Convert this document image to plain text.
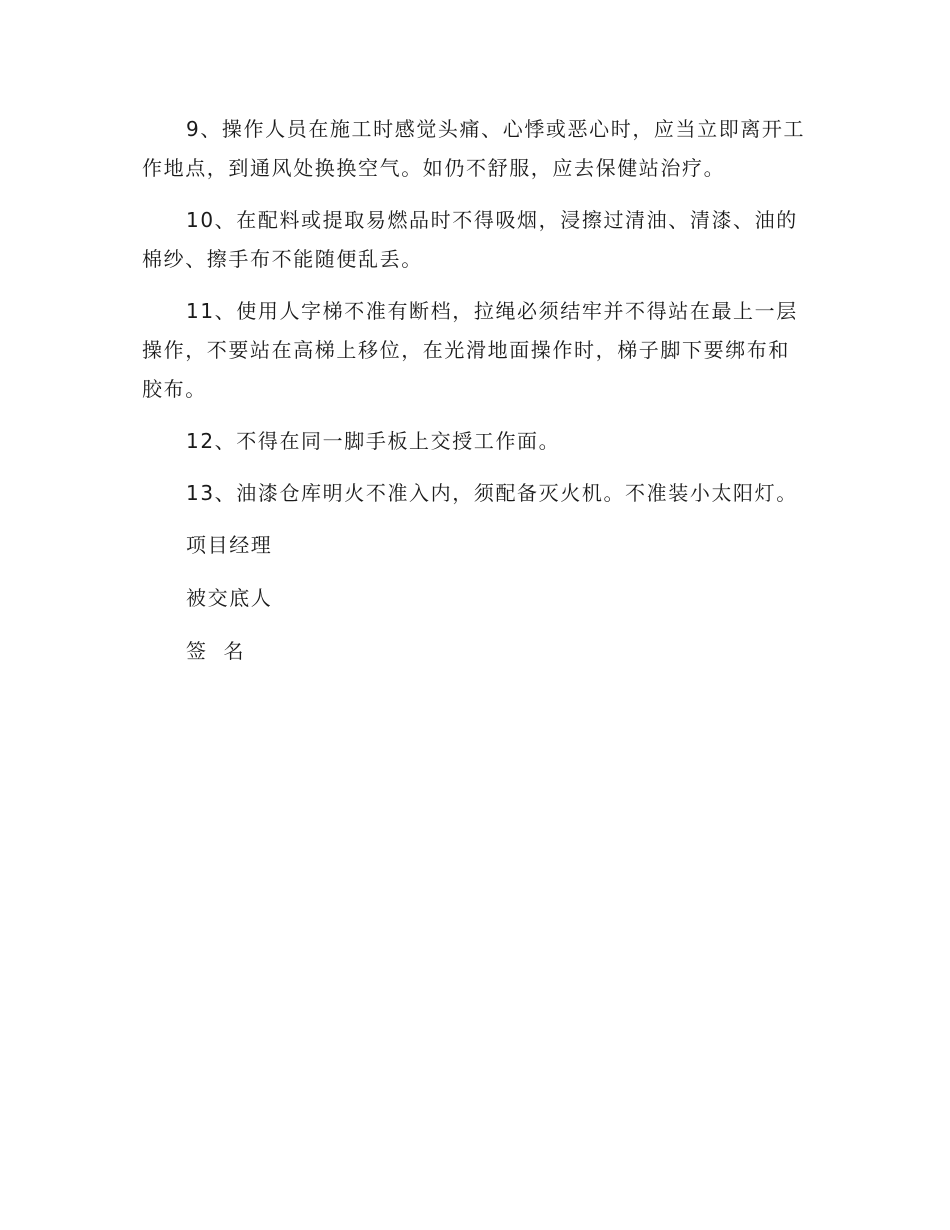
9、操作人员在施工时感觉头痛、心悸或恶心时，应当立即离开工作地点，到通风处换换空气。如仍不舒服，应去保健站治疗。

10、在配料或提取易燃品时不得吸烟，浸擦过清油、清漆、油的棉纱、擦手布不能随便乱丢。

11、使用人字梯不准有断档，拉绳必须结牢并不得站在最上一层操作，不要站在高梯上移位，在光滑地面操作时，梯子脚下要绑布和胶布。

12、不得在同一脚手板上交授工作面。

13、油漆仓库明火不准入内，须配备灭火机。不准装小太阳灯。

项目经理

被交底人

签  名
